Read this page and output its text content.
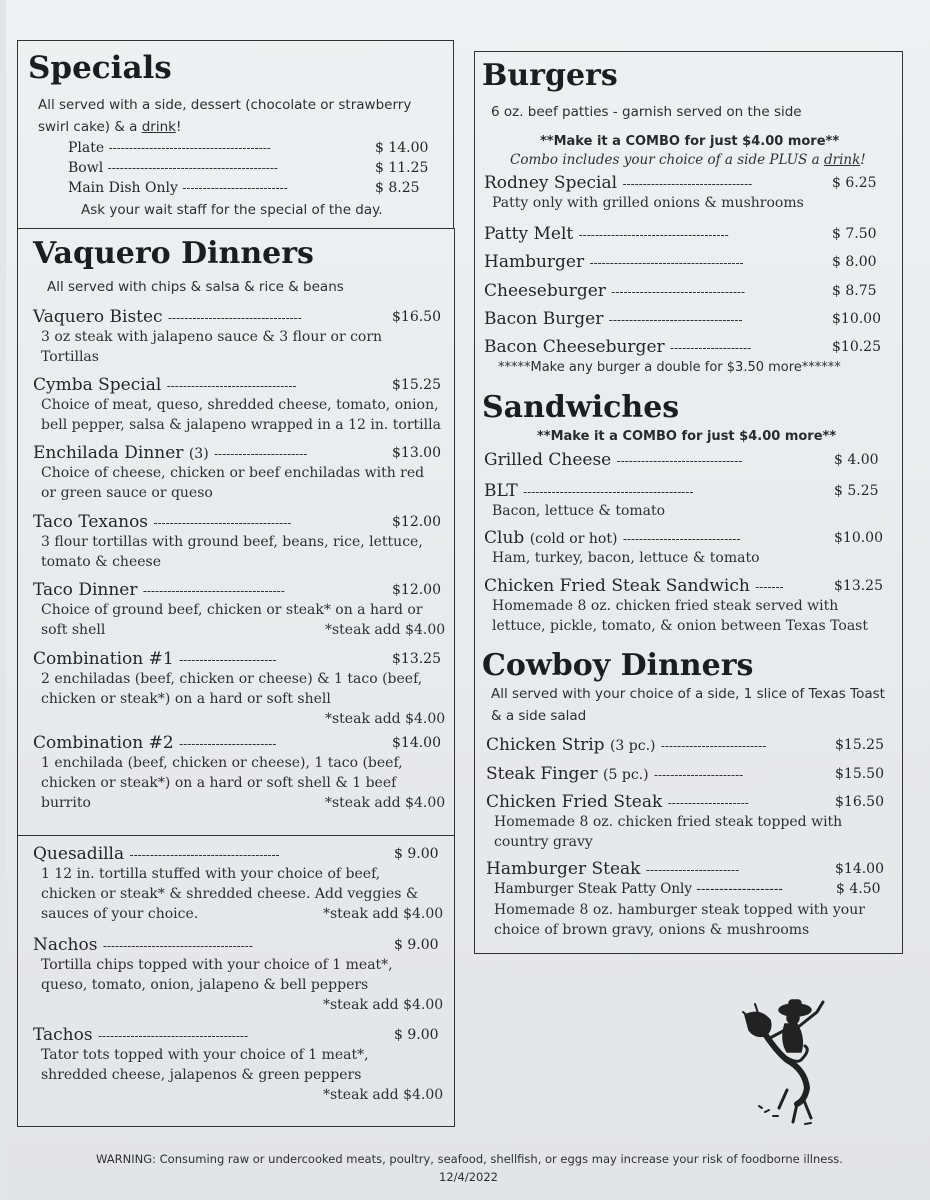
Specials
All served with a side, dessert (chocolate or strawberry
swirl cake) & a drink!
Plate ----------------------------------------	$ 14.00
Bowl ------------------------------------------	$ 11.25
Main Dish Only --------------------------	$ 8.25
Ask your wait staff for the special of the day.
Vaquero Dinners
All served with chips & salsa & rice & beans
Vaquero Bistec ---------------------------------	$16.50
3 oz steak with jalapeno sauce & 3 flour or corn
Tortillas
Cymba Special --------------------------------	$15.25
Choice of meat, queso, shredded cheese, tomato, onion,
bell pepper, salsa & jalapeno wrapped in a 12 in. tortilla
Enchilada Dinner (3) -----------------------	$13.00
Choice of cheese, chicken or beef enchiladas with red
or green sauce or queso
Taco Texanos ----------------------------------	$12.00
3 flour tortillas with ground beef, beans, rice, lettuce,
tomato & cheese
Taco Dinner -----------------------------------	$12.00
Choice of ground beef, chicken or steak* on a hard or
soft shell	*steak add $4.00
Combination #1 ------------------------	$13.25
2 enchiladas (beef, chicken or cheese) & 1 taco (beef,
chicken or steak*) on a hard or soft shell
*steak add $4.00
Combination #2 ------------------------	$14.00
1 enchilada (beef, chicken or cheese), 1 taco (beef,
chicken or steak*) on a hard or soft shell & 1 beef
burrito	*steak add $4.00
Quesadilla -------------------------------------	$ 9.00
1 12 in. tortilla stuffed with your choice of beef,
chicken or steak* & shredded cheese. Add veggies &
sauces of your choice.	*steak add $4.00
Nachos -------------------------------------	$ 9.00
Tortilla chips topped with your choice of 1 meat*,
queso, tomato, onion, jalapeno & bell peppers
*steak add $4.00
Tachos -------------------------------------	$ 9.00
Tator tots topped with your choice of 1 meat*,
shredded cheese, jalapenos & green peppers
*steak add $4.00
Burgers
6 oz. beef patties - garnish served on the side
**Make it a COMBO for just $4.00 more**
Combo includes your choice of a side PLUS a drink!
Rodney Special --------------------------------	$ 6.25
Patty only with grilled onions & mushrooms
Patty Melt -------------------------------------	$ 7.50
Hamburger --------------------------------------	$ 8.00
Cheeseburger ---------------------------------	$ 8.75
Bacon Burger ---------------------------------	$10.00
Bacon Cheeseburger --------------------	$10.25
*****Make any burger a double for $3.50 more******
Sandwiches
**Make it a COMBO for just $4.00 more**
Grilled Cheese -------------------------------	$ 4.00
BLT ------------------------------------------	$ 5.25
Bacon, lettuce & tomato
Club (cold or hot) -----------------------------	$10.00
Ham, turkey, bacon, lettuce & tomato
Chicken Fried Steak Sandwich -------	$13.25
Homemade 8 oz. chicken fried steak served with
lettuce, pickle, tomato, & onion between Texas Toast
Cowboy Dinners
All served with your choice of a side, 1 slice of Texas Toast
& a side salad
Chicken Strip (3 pc.) --------------------------	$15.25
Steak Finger (5 pc.) ----------------------	$15.50
Chicken Fried Steak --------------------	$16.50
Homemade 8 oz. chicken fried steak topped with
country gravy
Hamburger Steak -----------------------	$14.00
Hamburger Steak Patty Only -------------------	$ 4.50
Homemade 8 oz. hamburger steak topped with your
choice of brown gravy, onions & mushrooms
WARNING: Consuming raw or undercooked meats, poultry, seafood, shellfish, or eggs may increase your risk of foodborne illness.
12/4/2022
